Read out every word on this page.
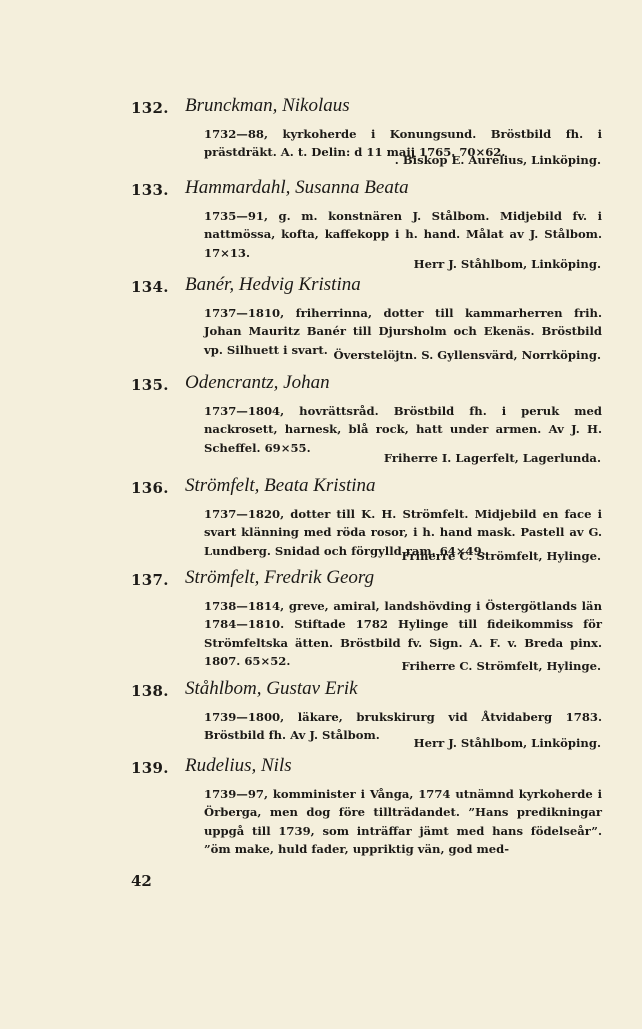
132. Brunckman, Nikolaus
1732—88, kyrkoherde i Konungsund. Bröstbild fh. i prästdräkt. A. t. Delin: d 11 maij 1765. 70×62.
. Biskop E. Aurelius, Linköping.
133. Hammardahl, Susanna Beata
1735—91, g. m. konstnären J. Stålbom. Midjebild fv. i nattmössa, kofta, kaffekopp i h. hand. Målat av J. Stålbom. 17×13.
Herr J. Ståhlbom, Linköping.
134. Banér, Hedvig Kristina
1737—1810, friherrinna, dotter till kammarherren frih. Johan Mauritz Banér till Djursholm och Ekenäs. Bröstbild vp. Silhuett i svart. Överstelöjtn. S. Gyllensvärd, Norrköping.
135. Odencrantz, Johan
1737—1804, hovrättsråd. Bröstbild fh. i peruk med nackrosett, harnesk, blå rock, hatt under armen. Av J. H. Scheffel. 69×55.
Friherre I. Lagerfelt, Lagerlunda.
136. Strömfelt, Beata Kristina
1737—1820, dotter till K. H. Strömfelt. Midjebild en face i svart klänning med röda rosor, i h. hand mask. Pastell av G. Lundberg. Snidad och förgylld ram. 64×49.
Friherre C. Strömfelt, Hylinge.
137. Strömfelt, Fredrik Georg
1738—1814, greve, amiral, landshövding i Östergötlands län 1784—1810. Stiftade 1782 Hylinge till fideikommiss för Strömfeltska ätten. Bröstbild fv. Sign. A. F. v. Breda pinx. 1807. 65×52.	Friherre C. Strömfelt, Hylinge.
138. Ståhlbom, Gustav Erik
1739—1800, läkare, brukskirurg vid Åtvidaberg 1783. Bröstbild fh. Av J. Stålbom.
Herr J. Ståhlbom, Linköping.
139. Rudelius, Nils
1739—97, komminister i Vånga, 1774 utnämnd kyrkoherde i Örberga, men dog före tillträdandet. ”Hans predikningar uppgå till 1739, som inträffar jämt med hans födelseår”. ”öm make, huld fader, uppriktig vän, god med-
42
